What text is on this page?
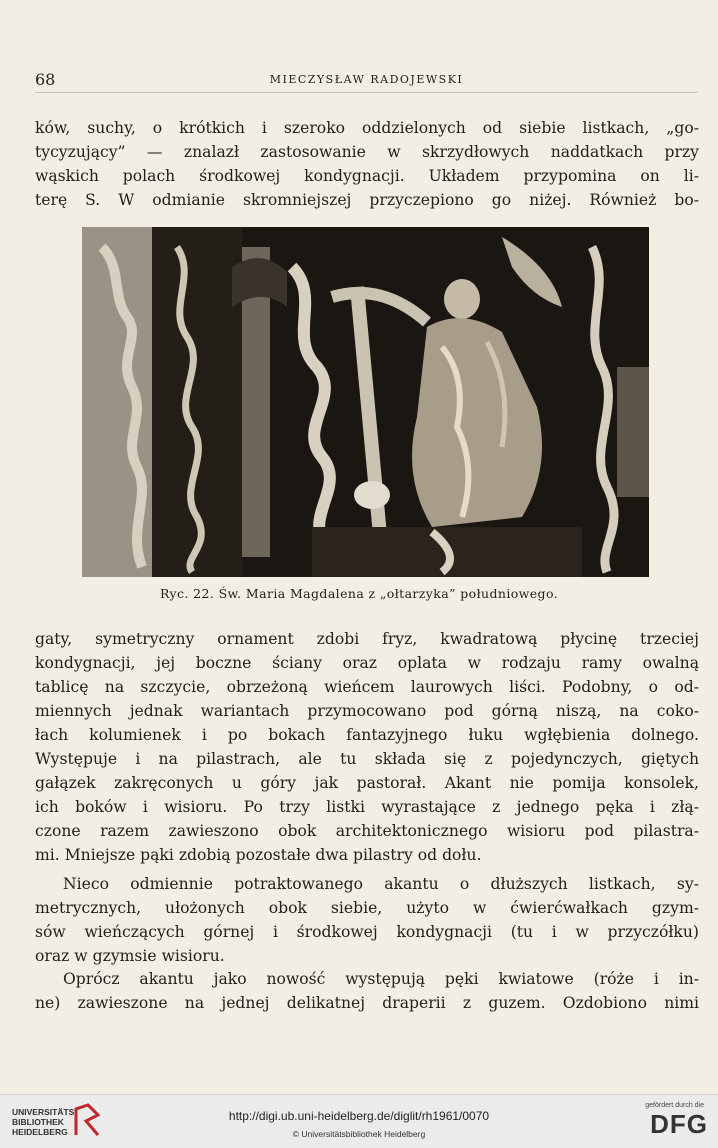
68	MIECZYSŁAW RADOJEWSKI
ków, suchy, o krótkich i szeroko oddzielonych od siebie listkach, „go-
tycyzujący” — znalazł zastosowanie w skrzydłowych naddatkach przy
wąskich polach środkowej kondygnacji. Układem przypomina on li-
terę S. W odmianie skromniejszej przyczepiono go niżej. Również bo-
Ryc. 22. Św. Maria Magdalena z „ołtarzyka” południowego.
gaty, symetryczny ornament zdobi fryz, kwadratową płycinę trzeciej
kondygnacji, jej boczne ściany oraz oplata w rodzaju ramy owalną
tablicę na szczycie, obrzeżoną wieńcem laurowych liści. Podobny, o od-
miennych jednak wariantach przymocowano pod górną niszą, na coko-
łach kolumienek i po bokach fantazyjnego łuku wgłębienia dolnego.
Występuje i na pilastrach, ale tu składa się z pojedynczych, giętych
gałązek zakręconych u góry jak pastorał. Akant nie pomija konsolek,
ich boków i wisioru. Po trzy listki wyrastające z jednego pęka i złą-
czone razem zawieszono obok architektonicznego wisioru pod pilastra-
mi. Mniejsze pąki zdobią pozostałe dwa pilastry od dołu.
Nieco odmiennie potraktowanego akantu o dłuższych listkach, sy-
metrycznych, ułożonych obok siebie, użyto w ćwierćwałkach gzym-
sów wieńczących górnej i środkowej kondygnacji (tu i w przyczółku)
oraz w gzymsie wisioru.
Oprócz akantu jako nowość występują pęki kwiatowe (róże i in-
ne) zawieszone na jednej delikatnej draperii z guzem. Ozdobiono nimi
UNIVERSITÄTS-
BIBLIOTHEK
HEIDELBERG
http://digi.ub.uni-heidelberg.de/diglit/rh1961/0070
© Universitätsbibliothek Heidelberg
gefördert durch die
DFG
